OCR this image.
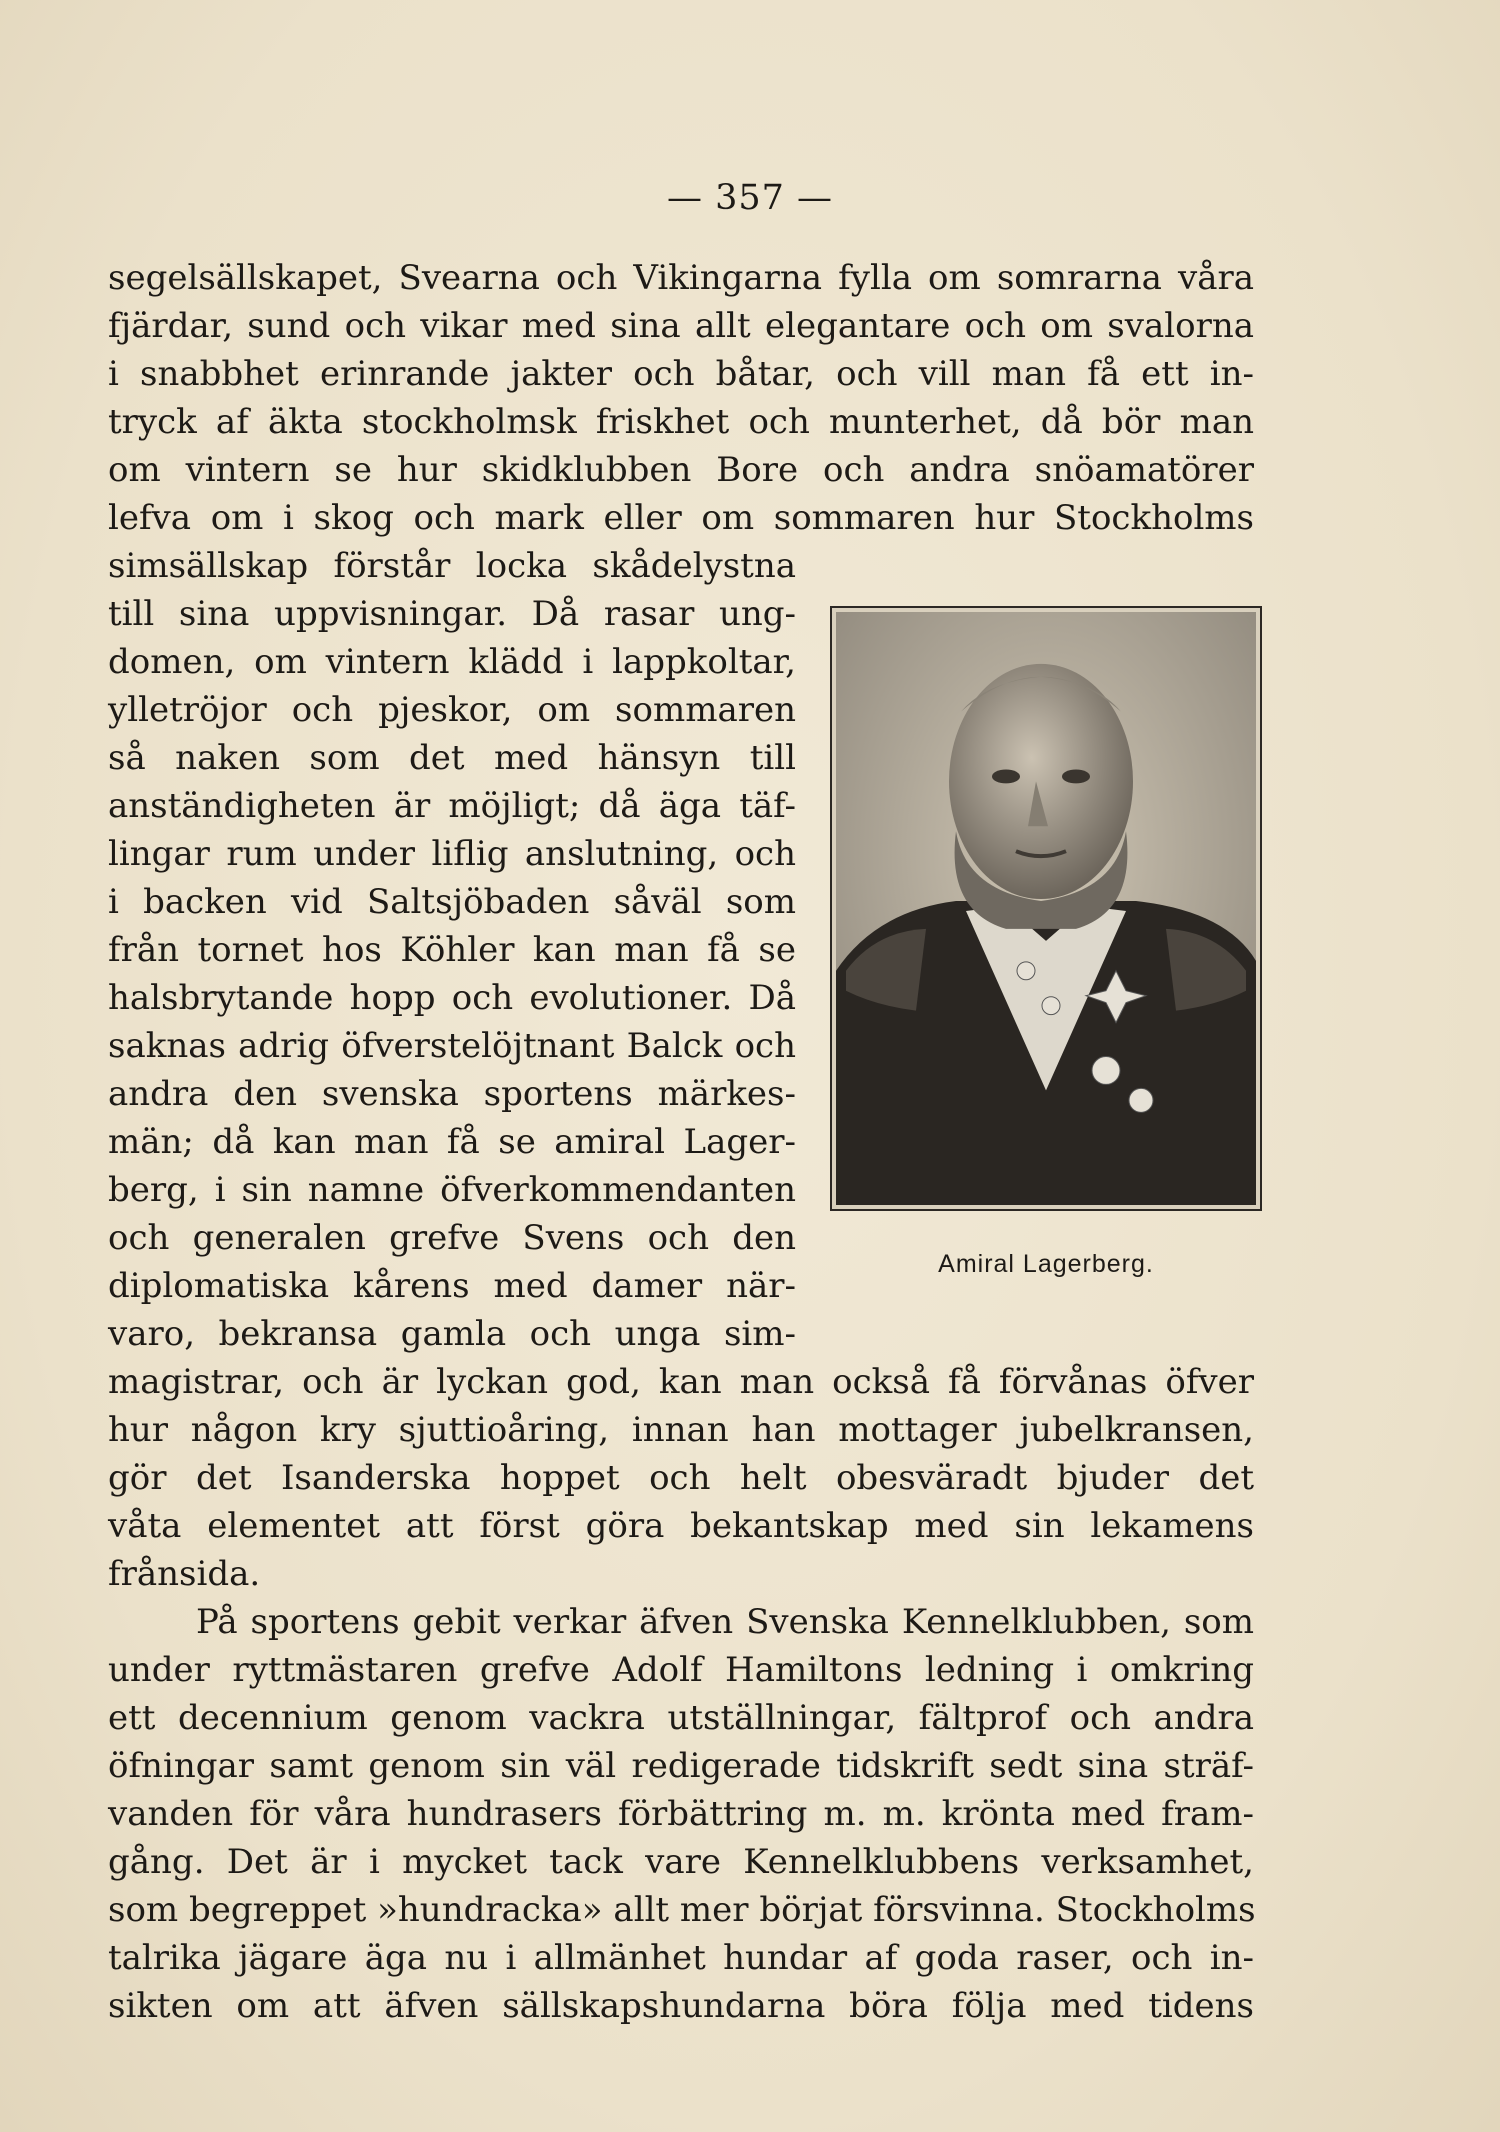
— 357 —
segelsällskapet, Svearna och Vikingarna fylla om somrarna våra
fjärdar, sund och vikar med sina allt elegantare och om svalorna
i snabbhet erinrande jakter och båtar, och vill man få ett in-
tryck af äkta stockholmsk friskhet och munterhet, då bör man
om vintern se hur skidklubben Bore och andra snöamatörer
lefva om i skog och mark eller om sommaren hur Stockholms
simsällskap förstår locka skådelystna
till sina uppvisningar. Då rasar ung-
domen, om vintern klädd i lappkoltar,
ylletröjor och pjeskor, om sommaren
så naken som det med hänsyn till
anständigheten är möjligt; då äga täf-
lingar rum under liflig anslutning, och
i backen vid Saltsjöbaden såväl som
från tornet hos Köhler kan man få se
halsbrytande hopp och evolutioner. Då
saknas adrig öfverstelöjtnant Balck och
andra den svenska sportens märkes-
män; då kan man få se amiral Lager-
berg, i sin namne öfverkommendanten
och generalen grefve Svens och den
diplomatiska kårens med damer när-
varo, bekransa gamla och unga sim-
magistrar, och är lyckan god, kan man också få förvånas öfver
hur någon kry sjuttioåring, innan han mottager jubelkransen,
gör det Isanderska hoppet och helt obesväradt bjuder det
våta elementet att först göra bekantskap med sin lekamens
frånsida.
På sportens gebit verkar äfven Svenska Kennelklubben, som
under ryttmästaren grefve Adolf Hamiltons ledning i omkring
ett decennium genom vackra utställningar, fältprof och andra
öfningar samt genom sin väl redigerade tidskrift sedt sina sträf-
vanden för våra hundrasers förbättring m. m. krönta med fram-
gång. Det är i mycket tack vare Kennelklubbens verksamhet,
som begreppet »hundracka» allt mer börjat försvinna. Stockholms
talrika jägare äga nu i allmänhet hundar af goda raser, och in-
sikten om att äfven sällskapshundarna böra följa med tidens
Amiral Lagerberg.
